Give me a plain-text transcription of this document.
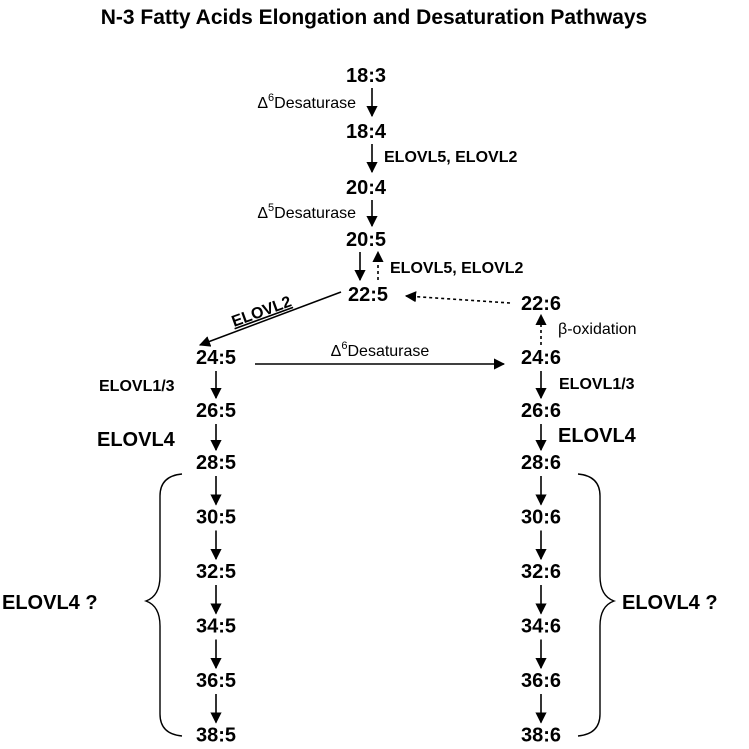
N-3 Fatty Acids Elongation and Desaturation Pathways
18:3
18:4
20:4
20:5
22:5	22:6
$\Delta^6Desaturase$
ELOVL5, ELOVL2
$\Delta^5Desaturase$
ELOVL5, ELOVL2
ELOVL2
$\Delta^6Desaturase$
β-oxidation
24:5	24:6
26:5	26:6
ELOVL1/3	ELOVL1/3
ELOVL4	ELOVL4
28:5
30:5
32:5
34:5
36:5
38:5
28:6
30:6
32:6
34:6
36:6
38:6
ELOVL4 ?	ELOVL4 ?
